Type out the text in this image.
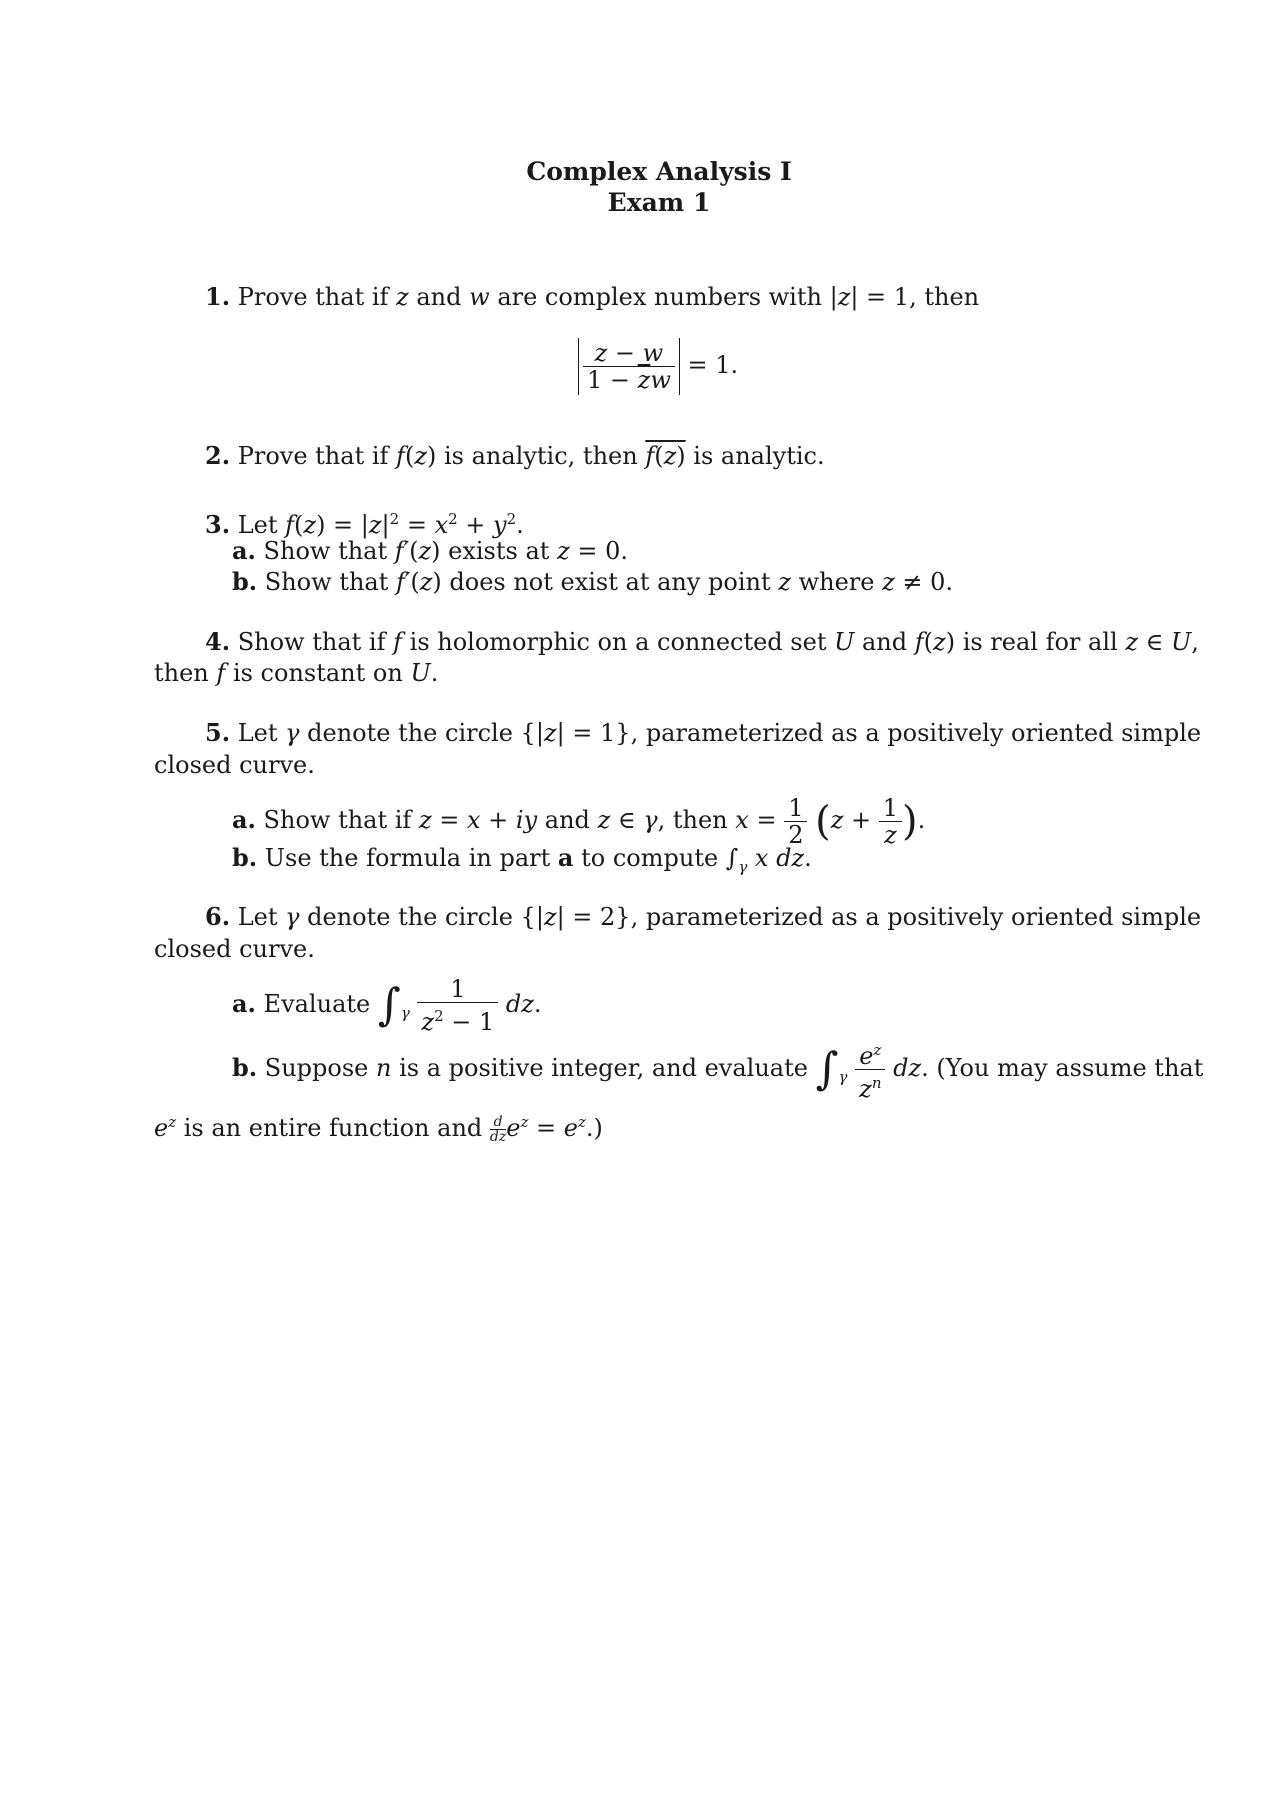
Complex Analysis I
Exam 1
1. Prove that if z and w are complex numbers with |z| = 1, then
$\frac{z - w}{1 - \overline{z}w} = 1$.
2. Prove that if f(z) is analytic, then f(z) is analytic.
3. Let $f(z) = |z|^2 = x^2 + y^2$.
a. Show that f′(z) exists at z = 0.
b. Show that f′(z) does not exist at any point z where z ≠ 0.
4. Show that if f is holomorphic on a connected set U and f(z) is real for all z ∈ U,
then f is constant on U.
5. Let γ denote the circle {|z| = 1}, parameterized as a positively oriented simple
closed curve.
a. Show that if z = x + iy and z ∈ γ, then $x = \frac{1}{2} (z + \frac{1}{z}$ ).
b. Use the formula in part a to compute $\int_\gamma$ x dz.
6. Let γ denote the circle {|z| = 2}, parameterized as a positively oriented simple
closed curve.
a. Evaluate $\int_\gamma \frac{1}{z^2 - 1}$ dz.
b. Suppose n is a positive integer, and evaluate $\int_\gamma \frac{e^z}{z^n}$ dz. (You may assume that
$e^z$ is an entire function and $\frac{d}{dz} e^z = e^z$.)
